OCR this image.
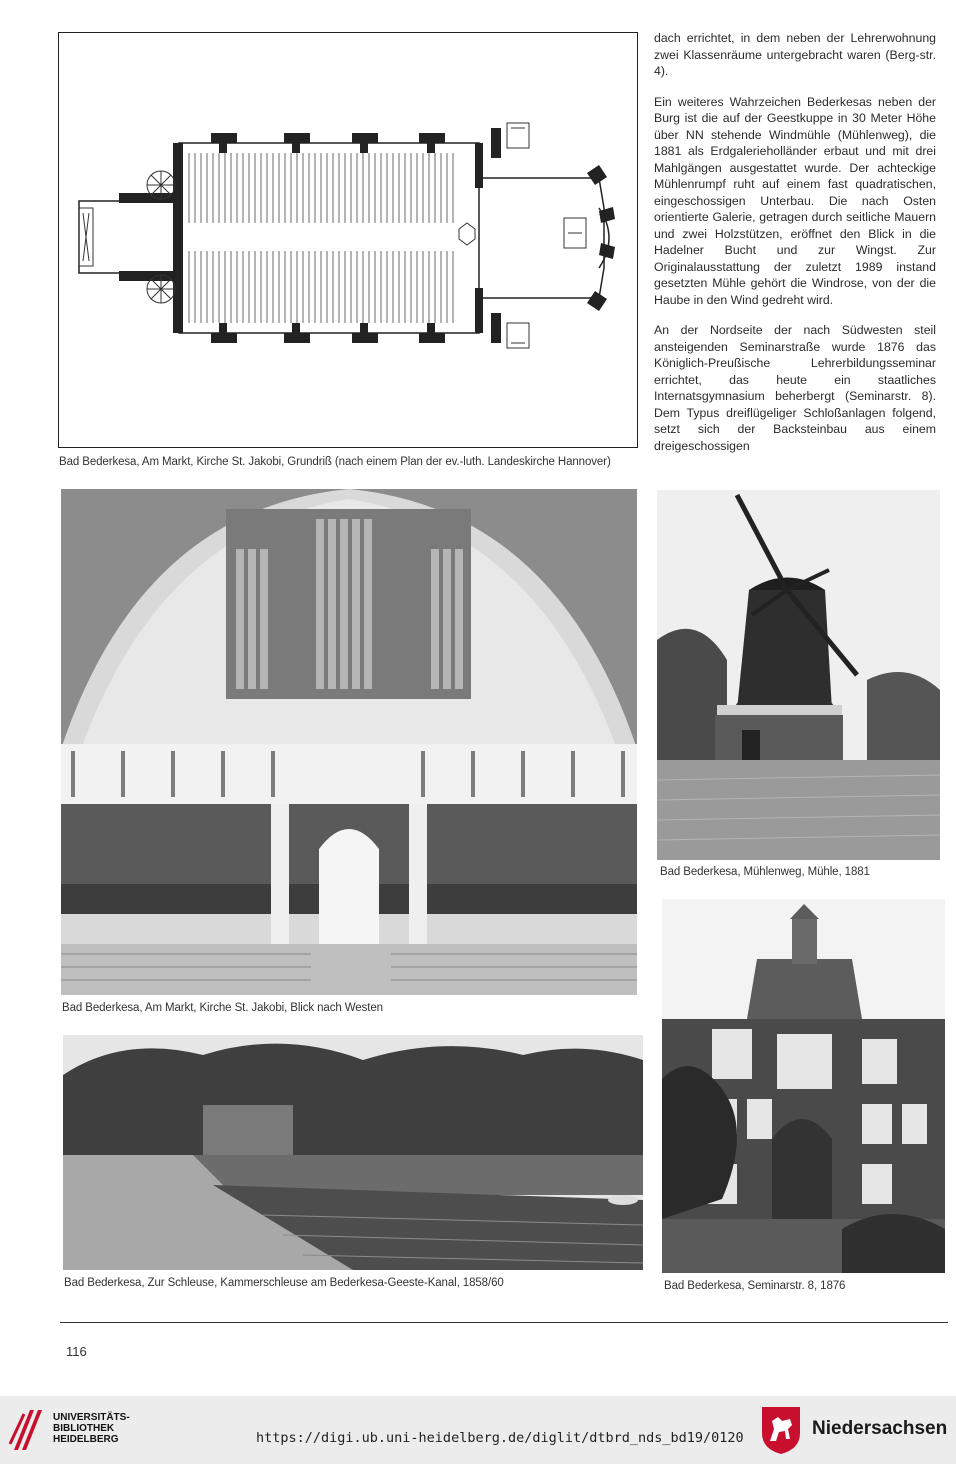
Bad Bederkesa, Am Markt, Kirche St. Jakobi, Grundriß (nach einem Plan der ev.-luth. Landeskirche Hannover)

dach errichtet, in dem neben der Lehrerwohnung zwei Klassenräume untergebracht waren (Berg-str. 4).

Ein weiteres Wahrzeichen Bederkesas neben der Burg ist die auf der Geestkuppe in 30 Meter Höhe über NN stehende Windmühle (Mühlenweg), die 1881 als Erdgalerieholländer erbaut und mit drei Mahlgängen ausgestattet wurde. Der achteckige Mühlenrumpf ruht auf einem fast quadratischen, eingeschossigen Unterbau. Die nach Osten orientierte Galerie, getragen durch seitliche Mauern und zwei Holzstützen, eröffnet den Blick in die Hadelner Bucht und zur Wingst. Zur Originalausstattung der zuletzt 1989 instand gesetzten Mühle gehört die Windrose, von der die Haube in den Wind gedreht wird.

An der Nordseite der nach Südwesten steil ansteigenden Seminarstraße wurde 1876 das Königlich-Preußische Lehrerbildungsseminar errichtet, das heute ein staatliches Internatsgymnasium beherbergt (Seminarstr. 8). Dem Typus dreiflügeliger Schloßanlagen folgend, setzt sich der Backsteinbau aus einem dreigeschossigen

Bad Bederkesa, Am Markt, Kirche St. Jakobi, Blick nach Westen
Bad Bederkesa, Mühlenweg, Mühle, 1881
Bad Bederkesa, Zur Schleuse, Kammerschleuse am Bederkesa-Geeste-Kanal, 1858/60	Bad Bederkesa, Seminarstr. 8, 1876
116
UNIVERSITÄTS-
BIBLIOTHEK
HEIDELBERG	https://digi.ub.uni-heidelberg.de/diglit/dtbrd_nds_bd19/0120	Niedersachsen
